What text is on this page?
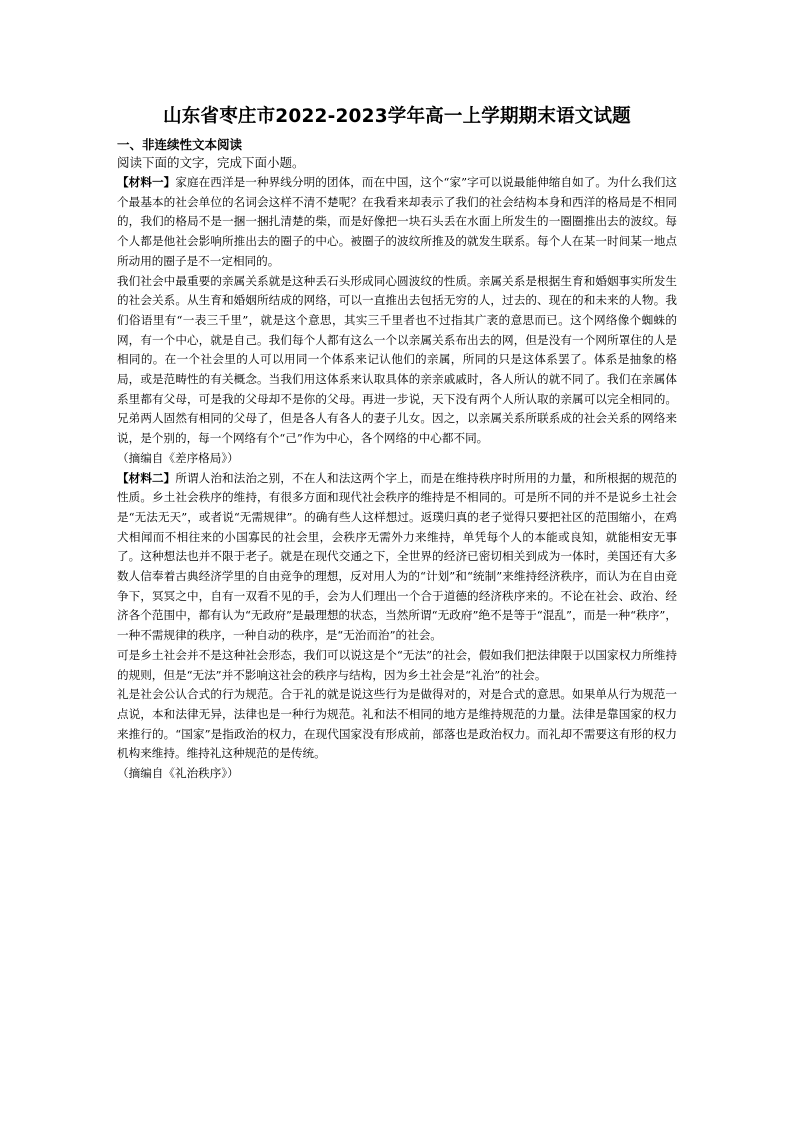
山东省枣庄市2022-2023学年高一上学期期末语文试题
一、非连续性文本阅读
阅读下面的文字，完成下面小题。

【材料一】家庭在西洋是一种界线分明的团体，而在中国，这个“家”字可以说最能伸缩自如了。为什么我们这个最基本的社会单位的名词会这样不清不楚呢？在我看来却表示了我们的社会结构本身和西洋的格局是不相同的，我们的格局不是一捆一捆扎清楚的柴，而是好像把一块石头丢在水面上所发生的一圈圈推出去的波纹。每个人都是他社会影响所推出去的圈子的中心。被圈子的波纹所推及的就发生联系。每个人在某一时间某一地点所动用的圈子是不一定相同的。

我们社会中最重要的亲属关系就是这种丢石头形成同心圆波纹的性质。亲属关系是根据生育和婚姻事实所发生的社会关系。从生育和婚姻所结成的网络，可以一直推出去包括无穷的人，过去的、现在的和未来的人物。我们俗语里有“一表三千里”，就是这个意思，其实三千里者也不过指其广袤的意思而已。这个网络像个蜘蛛的网，有一个中心，就是自己。我们每个人都有这么一个以亲属关系布出去的网，但是没有一个网所罩住的人是相同的。在一个社会里的人可以用同一个体系来记认他们的亲属，所同的只是这体系罢了。体系是抽象的格局，或是范畴性的有关概念。当我们用这体系来认取具体的亲亲戚戚时，各人所认的就不同了。我们在亲属体系里都有父母，可是我的父母却不是你的父母。再进一步说，天下没有两个人所认取的亲属可以完全相同的。兄弟两人固然有相同的父母了，但是各人有各人的妻子儿女。因之，以亲属关系所联系成的社会关系的网络来说，是个别的，每一个网络有个“己”作为中心，各个网络的中心都不同。

（摘编自《差序格局》）

【材料二】所谓人治和法治之别，不在人和法这两个字上，而是在维持秩序时所用的力量，和所根据的规范的性质。乡土社会秩序的维持，有很多方面和现代社会秩序的维持是不相同的。可是所不同的并不是说乡土社会是“无法无天”，或者说“无需规律”。的确有些人这样想过。返璞归真的老子觉得只要把社区的范围缩小，在鸡犬相闻而不相往来的小国寡民的社会里，会秩序无需外力来维持，单凭每个人的本能或良知，就能相安无事了。这种想法也并不限于老子。就是在现代交通之下，全世界的经济已密切相关到成为一体时，美国还有大多数人信奉着古典经济学里的自由竞争的理想，反对用人为的“计划”和“统制”来维持经济秩序，而认为在自由竞争下，冥冥之中，自有一双看不见的手，会为人们理出一个合于道德的经济秩序来的。不论在社会、政治、经济各个范围中，都有认为“无政府”是最理想的状态，当然所谓“无政府”绝不是等于“混乱”，而是一种“秩序”，一种不需规律的秩序，一种自动的秩序，是“无治而治”的社会。

可是乡土社会并不是这种社会形态，我们可以说这是个“无法”的社会，假如我们把法律限于以国家权力所维持的规则，但是“无法”并不影响这社会的秩序与结构，因为乡土社会是“礼治”的社会。

礼是社会公认合式的行为规范。合于礼的就是说这些行为是做得对的，对是合式的意思。如果单从行为规范一点说，本和法律无异，法律也是一种行为规范。礼和法不相同的地方是维持规范的力量。法律是靠国家的权力来推行的。“国家”是指政治的权力，在现代国家没有形成前，部落也是政治权力。而礼却不需要这有形的权力机构来维持。维持礼这种规范的是传统。

（摘编自《礼治秩序》）
